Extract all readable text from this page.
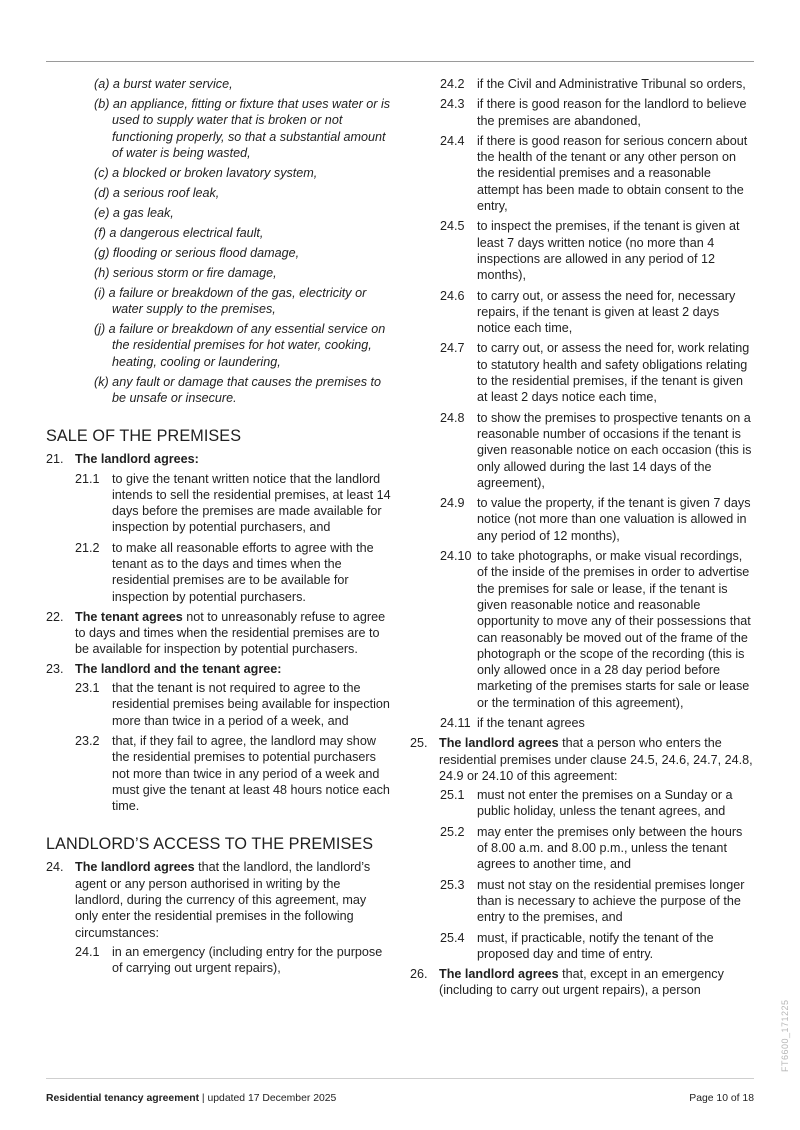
(a) a burst water service,
(b) an appliance, fitting or fixture that uses water or is used to supply water that is broken or not functioning properly, so that a substantial amount of water is being wasted,
(c) a blocked or broken lavatory system,
(d) a serious roof leak,
(e) a gas leak,
(f) a dangerous electrical fault,
(g) flooding or serious flood damage,
(h) serious storm or fire damage,
(i) a failure or breakdown of the gas, electricity or water supply to the premises,
(j) a failure or breakdown of any essential service on the residential premises for hot water, cooking, heating, cooling or laundering,
(k) any fault or damage that causes the premises to be unsafe or insecure.
SALE OF THE PREMISES
21. The landlord agrees:
21.1 to give the tenant written notice that the landlord intends to sell the residential premises, at least 14 days before the premises are made available for inspection by potential purchasers, and
21.2 to make all reasonable efforts to agree with the tenant as to the days and times when the residential premises are to be available for inspection by potential purchasers.
22. The tenant agrees not to unreasonably refuse to agree to days and times when the residential premises are to be available for inspection by potential purchasers.
23. The landlord and the tenant agree:
23.1 that the tenant is not required to agree to the residential premises being available for inspection more than twice in a period of a week, and
23.2 that, if they fail to agree, the landlord may show the residential premises to potential purchasers not more than twice in any period of a week and must give the tenant at least 48 hours notice each time.
LANDLORD’S ACCESS TO THE PREMISES
24. The landlord agrees that the landlord, the landlord’s agent or any person authorised in writing by the landlord, during the currency of this agreement, may only enter the residential premises in the following circumstances:
24.1 in an emergency (including entry for the purpose of carrying out urgent repairs),
24.2 if the Civil and Administrative Tribunal so orders,
24.3 if there is good reason for the landlord to believe the premises are abandoned,
24.4 if there is good reason for serious concern about the health of the tenant or any other person on the residential premises and a reasonable attempt has been made to obtain consent to the entry,
24.5 to inspect the premises, if the tenant is given at least 7 days written notice (no more than 4 inspections are allowed in any period of 12 months),
24.6 to carry out, or assess the need for, necessary repairs, if the tenant is given at least 2 days notice each time,
24.7 to carry out, or assess the need for, work relating to statutory health and safety obligations relating to the residential premises, if the tenant is given at least 2 days notice each time,
24.8 to show the premises to prospective tenants on a reasonable number of occasions if the tenant is given reasonable notice on each occasion (this is only allowed during the last 14 days of the agreement),
24.9 to value the property, if the tenant is given 7 days notice (not more than one valuation is allowed in any period of 12 months),
24.10 to take photographs, or make visual recordings, of the inside of the premises in order to advertise the premises for sale or lease, if the tenant is given reasonable notice and reasonable opportunity to move any of their possessions that can reasonably be moved out of the frame of the photograph or the scope of the recording (this is only allowed once in a 28 day period before marketing of the premises starts for sale or lease or the termination of this agreement),
24.11 if the tenant agrees
25. The landlord agrees that a person who enters the residential premises under clause 24.5, 24.6, 24.7, 24.8, 24.9 or 24.10 of this agreement:
25.1 must not enter the premises on a Sunday or a public holiday, unless the tenant agrees, and
25.2 may enter the premises only between the hours of 8.00 a.m. and 8.00 p.m., unless the tenant agrees to another time, and
25.3 must not stay on the residential premises longer than is necessary to achieve the purpose of the entry to the premises, and
25.4 must, if practicable, notify the tenant of the proposed day and time of entry.
26. The landlord agrees that, except in an emergency (including to carry out urgent repairs), a person
FT6600_171225
Residential tenancy agreement | updated 17 December 2025	Page 10 of 18
